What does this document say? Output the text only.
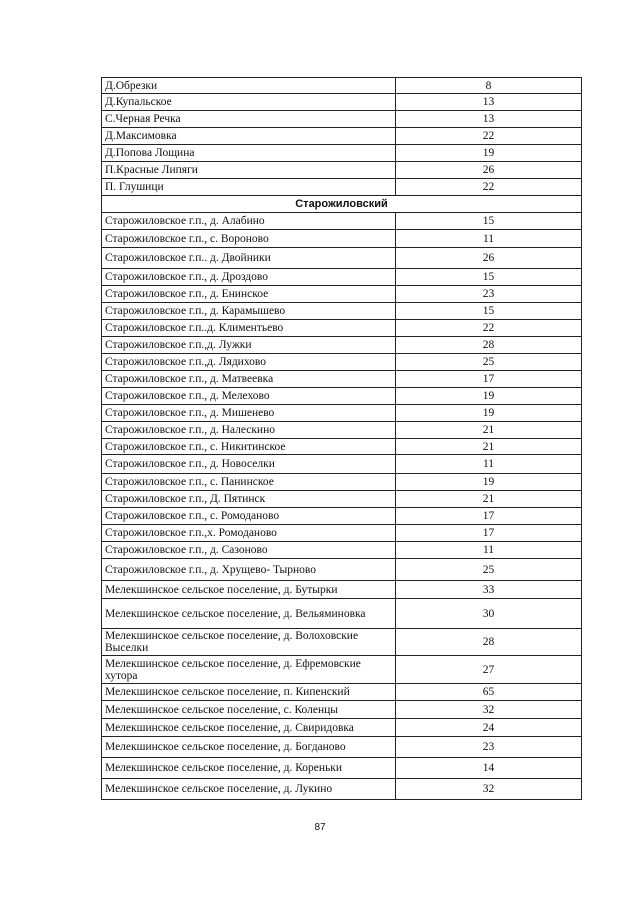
Д.Обрезки	8
Д.Купальское	13
С.Черная Речка	13
Д.Максимовка	22
Д.Попова Лощина	19
П.Красные Липяги	26
П. Глушици	22
Старожиловский	
Старожиловское г.п., д. Алабино	15
Старожиловское г.п., с. Вороново	11
Старожиловское г.п.. д. Двойники	26
Старожиловское г.п., д. Дроздово	15
Старожиловское г.п., д. Енинское	23
Старожиловское г.п., д. Карамышево	15
Старожиловское г.п..д. Климентьево	22
Старожиловское г.п.,д. Лужки	28
Старожиловское г.п.,д. Лядихово	25
Старожиловское г.п., д. Матвеевка	17
Старожиловское г.п., д. Мелехово	19
Старожиловское г.п., д. Мишенево	19
Старожиловское г.п., д. Налескино	21
Старожиловское г.п., с. Никитинское	21
Старожиловское г.п., д. Новоселки	11
Старожиловское г.п., с. Панинское	19
Старожиловское г.п., Д. Пятинск	21
Старожиловское г.п., с. Ромоданово	17
Старожиловское г.п.,х. Ромоданово	17
Старожиловское г.п., д. Сазоново	11
Старожиловское г.п., д. Хрущево- Тырново	25
Мелекшинское сельское поселение, д. Бутырки	33
Мелекшинское сельское поселение, д. Вельяминовка	30
Мелекшинское сельское поселение, д. Волоховские Выселки	28
Мелекшинское сельское поселение, д. Ефремовские хутора	27
Мелекшинское сельское поселение, п. Кипенский	65
Мелекшинское сельское поселение, с. Коленцы	32
Мелекшинское сельское поселение, д. Свиридовка	24
Мелекшинское сельское поселение, д. Богданово	23
Мелекшинское сельское поселение, д. Кореньки	14
Мелекшинское сельское поселение, д. Лукино	32
87
